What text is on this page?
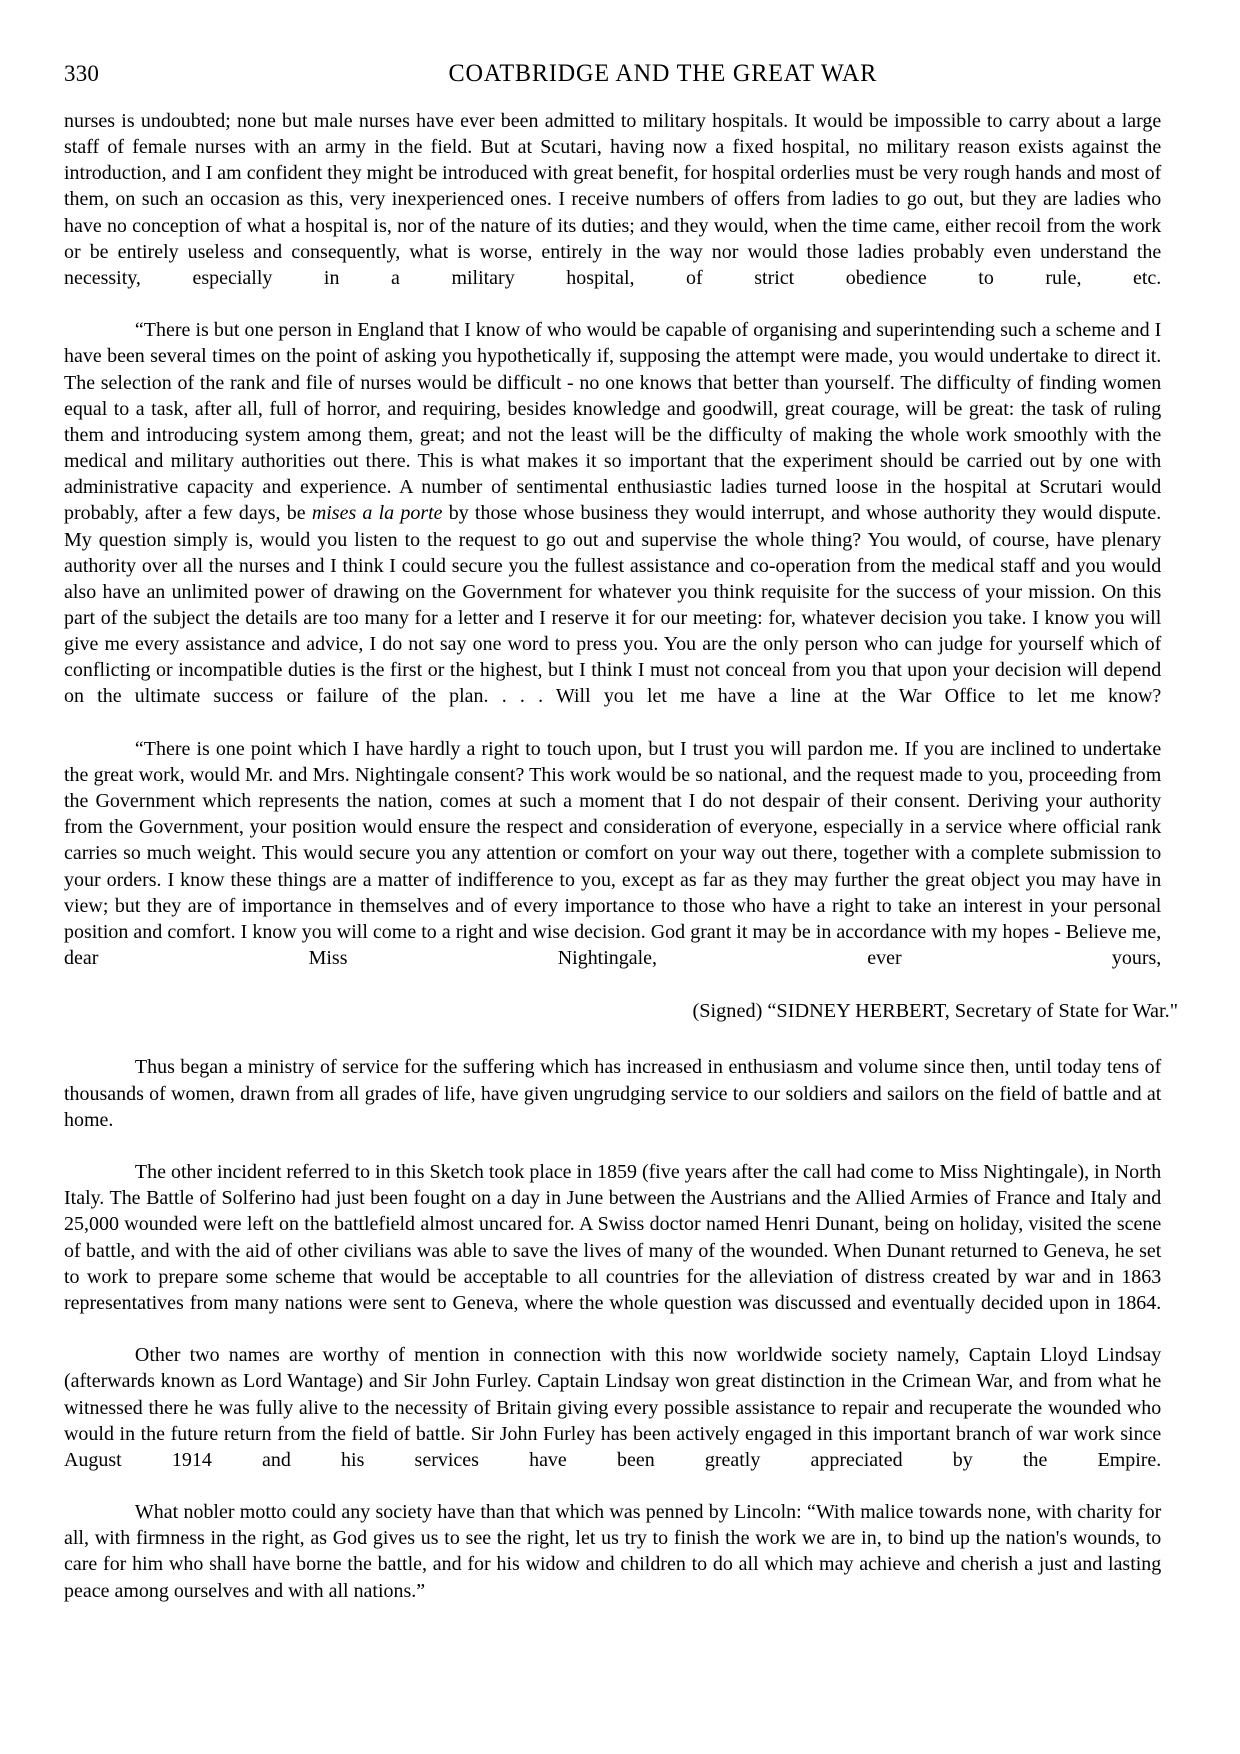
330	COATBRIDGE AND THE GREAT WAR

nurses is undoubted; none but male nurses have ever been admitted to military hospitals. It would be impossible to carry about a large staff of female nurses with an army in the field. But at Scutari, having now a fixed hospital, no military reason exists against the introduction, and I am confident they might be introduced with great benefit, for hospital orderlies must be very rough hands and most of them, on such an occasion as this, very inexperienced ones. I receive numbers of offers from ladies to go out, but they are ladies who have no conception of what a hospital is, nor of the nature of its duties; and they would, when the time came, either recoil from the work or be entirely useless and consequently, what is worse, entirely in the way nor would those ladies probably even understand the necessity, especially in a military hospital, of strict obedience to rule, etc.

“There is but one person in England that I know of who would be capable of organising and superintending such a scheme and I have been several times on the point of asking you hypothetically if, supposing the attempt were made, you would undertake to direct it. The selection of the rank and file of nurses would be difficult - no one knows that better than yourself. The difficulty of finding women equal to a task, after all, full of horror, and requiring, besides knowledge and goodwill, great courage, will be great: the task of ruling them and introducing system among them, great; and not the least will be the difficulty of making the whole work smoothly with the medical and military authorities out there. This is what makes it so important that the experiment should be carried out by one with administrative capacity and experience. A number of sentimental enthusiastic ladies turned loose in the hospital at Scrutari would probably, after a few days, be mises a la porte by those whose business they would interrupt, and whose authority they would dispute. My question simply is, would you listen to the request to go out and supervise the whole thing? You would, of course, have plenary authority over all the nurses and I think I could secure you the fullest assistance and co-operation from the medical staff and you would also have an unlimited power of drawing on the Government for whatever you think requisite for the success of your mission. On this part of the subject the details are too many for a letter and I reserve it for our meeting: for, whatever decision you take. I know you will give me every assistance and advice, I do not say one word to press you. You are the only person who can judge for yourself which of conflicting or incompatible duties is the first or the highest, but I think I must not conceal from you that upon your decision will depend on the ultimate success or failure of the plan. . . . Will you let me have a line at the War Office to let me know?

“There is one point which I have hardly a right to touch upon, but I trust you will pardon me. If you are inclined to undertake the great work, would Mr. and Mrs. Nightingale consent? This work would be so national, and the request made to you, proceeding from the Government which represents the nation, comes at such a moment that I do not despair of their consent. Deriving your authority from the Government, your position would ensure the respect and consideration of everyone, especially in a service where official rank carries so much weight. This would secure you any attention or comfort on your way out there, together with a complete submission to your orders. I know these things are a matter of indifference to you, except as far as they may further the great object you may have in view; but they are of importance in themselves and of every importance to those who have a right to take an interest in your personal position and comfort. I know you will come to a right and wise decision. God grant it may be in accordance with my hopes - Believe me, dear Miss Nightingale, ever yours,

(Signed) “SIDNEY HERBERT, Secretary of State for War."

Thus began a ministry of service for the suffering which has increased in enthusiasm and volume since then, until today tens of thousands of women, drawn from all grades of life, have given ungrudging service to our soldiers and sailors on the field of battle and at home.

The other incident referred to in this Sketch took place in 1859 (five years after the call had come to Miss Nightingale), in North Italy. The Battle of Solferino had just been fought on a day in June between the Austrians and the Allied Armies of France and Italy and 25,000 wounded were left on the battlefield almost uncared for. A Swiss doctor named Henri Dunant, being on holiday, visited the scene of battle, and with the aid of other civilians was able to save the lives of many of the wounded. When Dunant returned to Geneva, he set to work to prepare some scheme that would be acceptable to all countries for the alleviation of distress created by war and in 1863 representatives from many nations were sent to Geneva, where the whole question was discussed and eventually decided upon in 1864.

Other two names are worthy of mention in connection with this now worldwide society namely, Captain Lloyd Lindsay (afterwards known as Lord Wantage) and Sir John Furley. Captain Lindsay won great distinction in the Crimean War, and from what he witnessed there he was fully alive to the necessity of Britain giving every possible assistance to repair and recuperate the wounded who would in the future return from the field of battle. Sir John Furley has been actively engaged in this important branch of war work since August 1914 and his services have been greatly appreciated by the Empire.

What nobler motto could any society have than that which was penned by Lincoln: “With malice towards none, with charity for all, with firmness in the right, as God gives us to see the right, let us try to finish the work we are in, to bind up the nation's wounds, to care for him who shall have borne the battle, and for his widow and children to do all which may achieve and cherish a just and lasting peace among ourselves and with all nations.”
